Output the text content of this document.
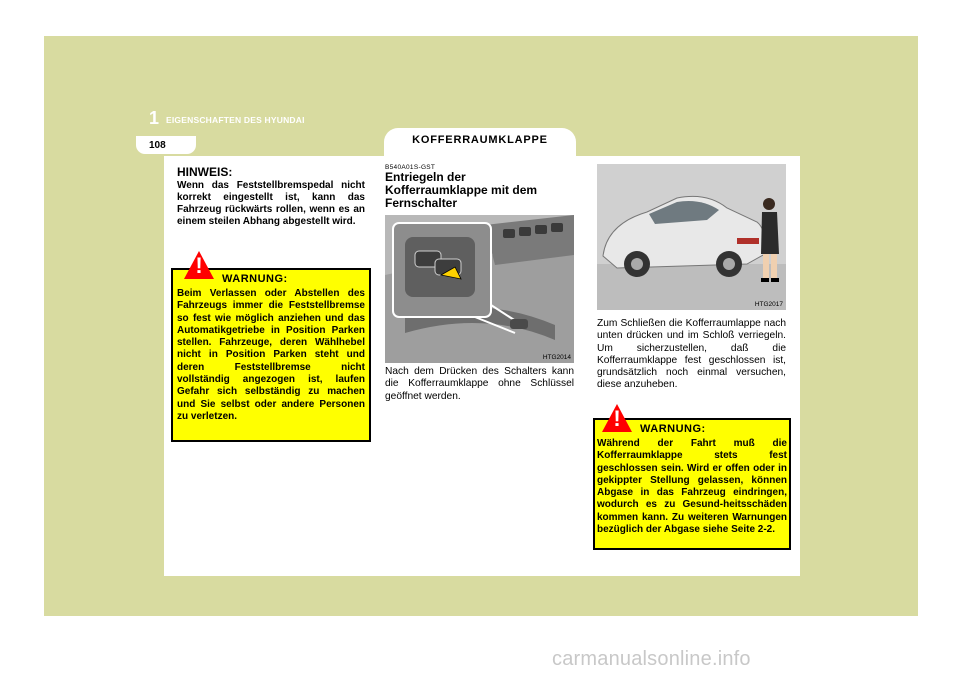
1 EIGENSCHAFTEN DES HYUNDAI
108	KOFFERRAUMKLAPPE
HINWEIS:
Wenn das Feststellbremspedal nicht korrekt eingestellt ist, kann das Fahrzeug rückwärts rollen, wenn es an einem steilen Abhang abgestellt wird.
!
WARNUNG:
Beim Verlassen oder Abstellen des Fahrzeugs immer die Feststellbremse so fest wie möglich anziehen und das Automatikgetriebe in Position Parken stellen. Fahrzeuge, deren Wählhebel nicht in Position Parken steht und deren Feststellbremse nicht vollständig angezogen ist, laufen Gefahr sich selbständig zu machen und Sie selbst oder andere Personen zu verletzen.
B540A01S-GST
Entriegeln der Kofferraumklappe mit dem Fernschalter
HTG2014
Nach dem Drücken des Schalters kann die Kofferraumklappe ohne Schlüssel geöffnet werden.
HTG2017
Zum Schließen die Kofferraumlappe nach unten drücken und im Schloß verriegeln. Um sicherzustellen, daß die Kofferraumklappe fest geschlossen ist, grundsätzlich noch einmal versuchen, diese anzuheben.
!	WARNUNG:
Während der Fahrt muß die Kofferraumklappe stets fest geschlossen sein. Wird er offen oder in gekippter Stellung gelassen, können Abgase in das Fahrzeug eindringen, wodurch es zu Gesund-heitsschäden kommen kann. Zu weiteren Warnungen bezüglich der Abgase siehe Seite 2-2.
carmanualsonline.info
